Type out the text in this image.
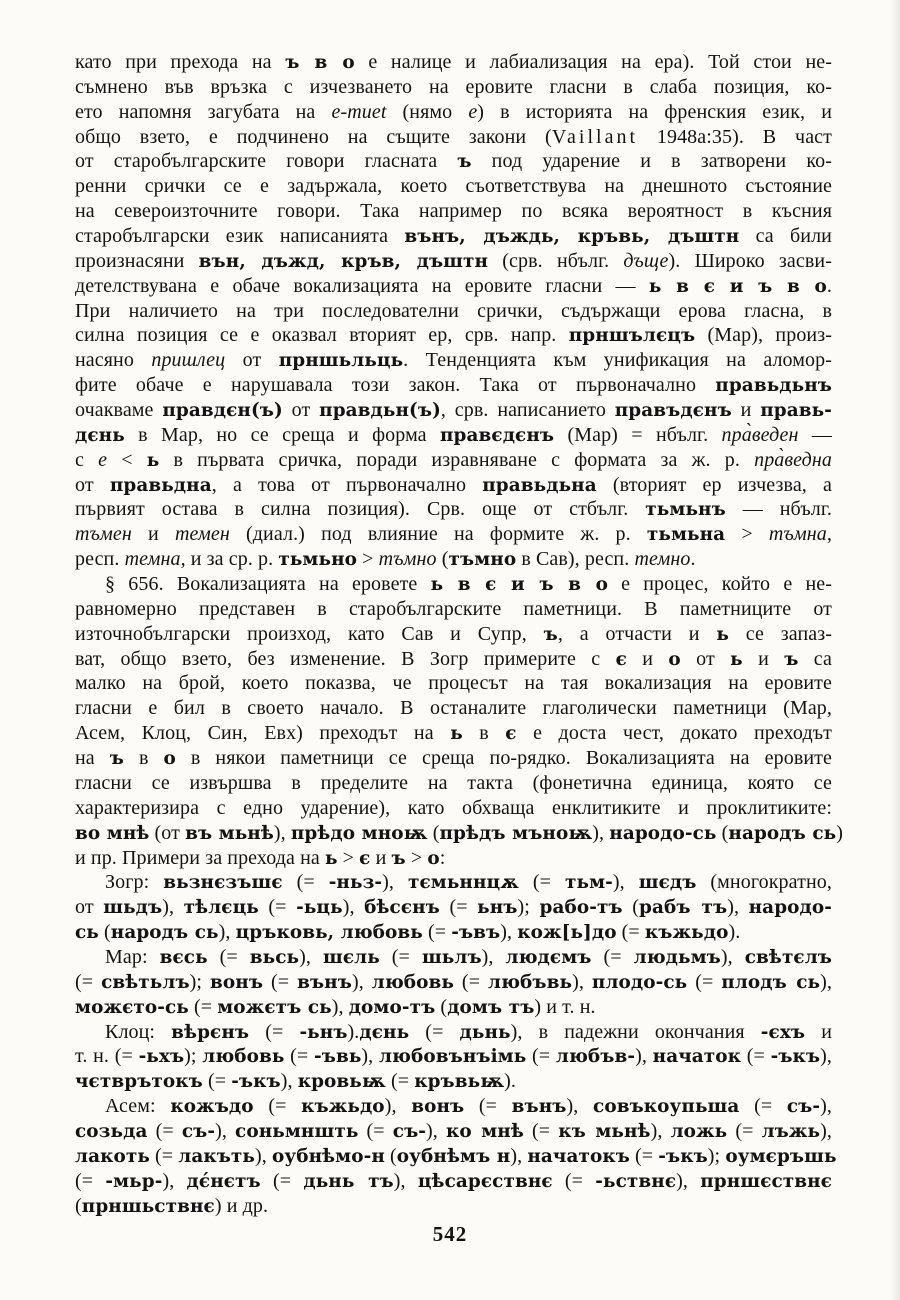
като при прехода на ъ в о е налице и лабиализация на ера). Той стои не-
съмнено във връзка с изчезването на еровите гласни в слаба позиция, ко-
ето напомня загубата на e-muet (нямо е) в историята на френския език, и
общо взето, е подчинено на същите закони (Vaillant 1948a:35). В част
от старобългарските говори гласната ъ под ударение и в затворени ко-
ренни срички се е задържала, което съответствува на днешното състояние
на североизточните говори. Така например по всяка вероятност в късния
старобългарски език написанията вънъ, дъждь, кръвь, дъштн са били
произнасяни вън, дъжд, кръв, дъштн (срв. нбълг. дъще). Широко засви-
детелствувана е обаче вокализацията на еровите гласни — ь в є и ъ в о.
При наличието на три последователни срички, съдържащи ерова гласна, в
силна позиция се е оказвал вторият ер, срв. напр. прншълєцъ (Мар), произ-
насяно пришлец от прншьльць. Тенденцията към унификация на аломор-
фите обаче е нарушавала този закон. Така от първоначално правьдьнъ
очакваме правдєн(ъ) от правдьн(ъ), срв. написанието правъдєнъ и правь-
дєнь в Мар, но се среща и форма правєдєнъ (Мар) = нбълг. пра̀веден —
с е < ь в първата сричка, поради изравняване с формата за ж. р. пра̀ведна
от правьдна, а това от първоначално правьдьна (вторият ер изчезва, а
първият остава в силна позиция). Срв. още от стбълг. тьмьнъ — нбълг.
тъмен и темен (диал.) под влияние на формите ж. р. тьмьна > тъмна,
респ. темна, и за ср. р. тьмьно > тъмно (тъмно в Сав), респ. темно.
§ 656. Вокализацията на еровете ь в є и ъ в о е процес, който е не-
равномерно представен в старобългарските паметници. В паметниците от
източнобългарски произход, като Сав и Супр, ъ, а отчасти и ь се запаз-
ват, общо взето, без изменение. В Зогр примерите с є и о от ь и ъ са
малко на брой, което показва, че процесът на тая вокализация на еровите
гласни е бил в своето начало. В останалите глаголически паметници (Мар,
Асем, Клоц, Син, Евх) преходът на ь в є е доста чест, докато преходът
на ъ в о в някои паметници се среща по-рядко. Вокализацията на еровите
гласни се извършва в пределите на такта (фонетична единица, която се
характеризира с едно ударение), като обхваща енклитиките и проклитиките:
во мнѣ (от въ мьнѣ), прѣдо мноѭ (прѣдъ мъноѭ), народо-сь (народъ сь)
и пр. Примери за прехода на ь > є и ъ > о:
Зогр: вьзнєзъшє (= -ньз-), тємьннцѫ (= тьм-), шєдъ (многократно,
от шьдъ), тѣлєць (= -ьць), бѣсєнъ (= ьнъ); рабо-тъ (рабъ тъ), народо-
сь (народъ сь), цръковь, любовь (= -ъвъ), кож[ь]до (= къжьдо).
Мар: вєсь (= вьсь), шєль (= шьлъ), людємъ (= людьмъ), свѣтєлъ
(= свѣтьлъ); вонъ (= вънъ), любовь (= любъвь), плодо-сь (= плодъ сь),
можєто-сь (= можєтъ сь), домо-тъ (домъ тъ) и т. н.
Клоц: вѣрєнъ (= -ьнъ).дєнь (= дьнь), в падежни окончания -єхъ и
т. н. (= -ьхъ); любовь (= -ъвь), любовънъімь (= любъв-), начаток (= -ъкъ),
чєтврътокъ (= -ъкъ), кровьѭ (= кръвьѭ).
Асем: кожъдо (= къжьдо), вонъ (= вънъ), совъкоупьша (= съ-),
созьда (= съ-), соньмншть (= съ-), ко мнѣ (= къ мьнѣ), ложь (= лъжь),
лакоть (= лакъть), оубнѣмо-н (оубнѣмъ н), начатокъ (= -ъкъ); оумєръшь
(= -мьр-), дє́нєтъ (= дьнь тъ), цѣсарєствнє (= -ьствнє), прншєствнє
(прншьствнє) и др.
542
